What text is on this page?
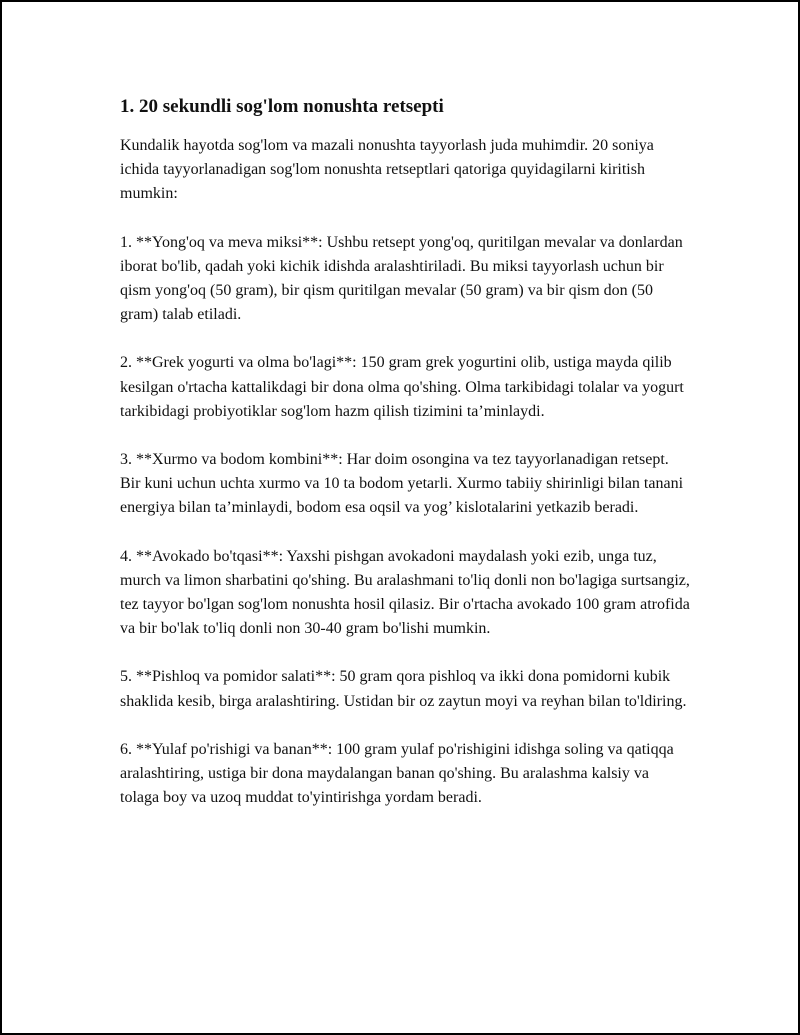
1. 20 sekundli sog'lom nonushta retsepti

Kundalik hayotda sog'lom va mazali nonushta tayyorlash juda muhimdir. 20 soniya ichida tayyorlanadigan sog'lom nonushta retseptlari qatoriga quyidagilarni kiritish mumkin:

1. **Yong'oq va meva miksi**: Ushbu retsept yong'oq, quritilgan mevalar va donlardan iborat bo'lib, qadah yoki kichik idishda aralashtiriladi. Bu miksi tayyorlash uchun bir qism yong'oq (50 gram), bir qism quritilgan mevalar (50 gram) va bir qism don (50 gram) talab etiladi.

2. **Grek yogurti va olma bo'lagi**: 150 gram grek yogurtini olib, ustiga mayda qilib kesilgan o'rtacha kattalikdagi bir dona olma qo'shing. Olma tarkibidagi tolalar va yogurt tarkibidagi probiyotiklar sog'lom hazm qilish tizimini ta’minlaydi.

3. **Xurmo va bodom kombini**: Har doim osongina va tez tayyorlanadigan retsept. Bir kuni uchun uchta xurmo va 10 ta bodom yetarli. Xurmo tabiiy shirinligi bilan tanani energiya bilan ta’minlaydi, bodom esa oqsil va yog’ kislotalarini yetkazib beradi.

4. **Avokado bo'tqasi**: Yaxshi pishgan avokadoni maydalash yoki ezib, unga tuz, murch va limon sharbatini qo'shing. Bu aralashmani to'liq donli non bo'lagiga surtsangiz, tez tayyor bo'lgan sog'lom nonushta hosil qilasiz. Bir o'rtacha avokado 100 gram atrofida va bir bo'lak to'liq donli non 30-40 gram bo'lishi mumkin.

5. **Pishloq va pomidor salati**: 50 gram qora pishloq va ikki dona pomidorni kubik shaklida kesib, birga aralashtiring. Ustidan bir oz zaytun moyi va reyhan bilan to'ldiring.

6. **Yulaf po'rishigi va banan**: 100 gram yulaf po'rishigini idishga soling va qatiqqa aralashtiring, ustiga bir dona maydalangan banan qo'shing. Bu aralashma kalsiy va tolaga boy va uzoq muddat to'yintirishga yordam beradi.
